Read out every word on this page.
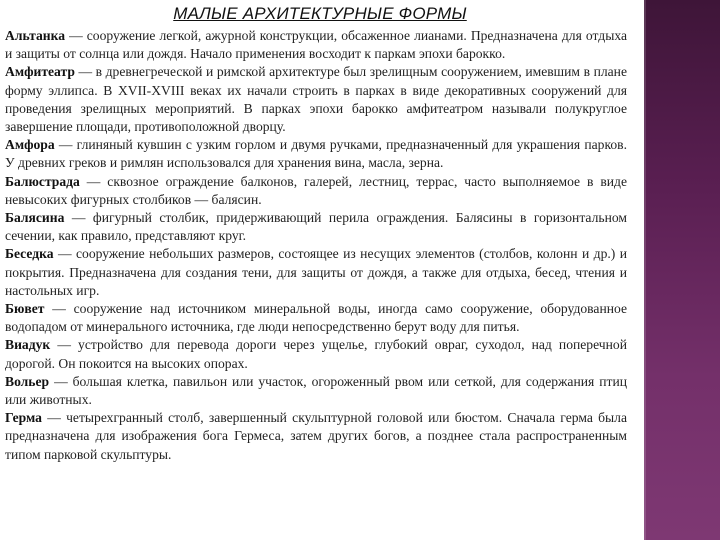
МАЛЫЕ АРХИТЕКТУРНЫЕ ФОРМЫ

Альтанка — сооружение легкой, ажурной конструкции, обсаженное лианами. Предназначена для отдыха и защиты от солнца или дождя. Начало применения восходит к паркам эпохи барокко.

Амфитеатр — в древнегреческой и римской архитектуре был зрелищным сооружением, имевшим в плане форму эллипса. В XVII-XVIII веках их начали строить в парках в виде декоративных сооружений для проведения зрелищных мероприятий. В парках эпохи барокко амфитеатром называли полукруглое завершение площади, противоположной дворцу.

Амфора — глиняный кувшин с узким горлом и двумя ручками, предназначенный для украшения парков. У древних греков и римлян использовался для хранения вина, масла, зерна.

Балюстрада — сквозное ограждение балконов, галерей, лестниц, террас, часто выполняемое в виде невысоких фигурных столбиков — балясин.

Балясина — фигурный столбик, придерживающий перила ограждения. Балясины в горизонтальном сечении, как правило, представляют круг.

Беседка — сооружение небольших размеров, состоящее из несущих элементов (столбов, колонн и др.) и покрытия. Предназначена для создания тени, для защиты от дождя, а также для отдыха, бесед, чтения и настольных игр.

Бювет — сооружение над источником минеральной воды, иногда само сооружение, оборудованное водопадом от минерального источника, где люди непосредственно берут воду для питья.

Виадук — устройство для перевода дороги через ущелье, глубокий овраг, суходол, над поперечной дорогой. Он покоится на высоких опорах.

Вольер — большая клетка, павильон или участок, огороженный рвом или сеткой, для содержания птиц или животных.

Герма — четырехгранный столб, завершенный скульптурной головой или бюстом. Сначала герма была предназначена для изображения бога Гермеса, затем других богов, а позднее стала распространенным типом парковой скульптуры.
